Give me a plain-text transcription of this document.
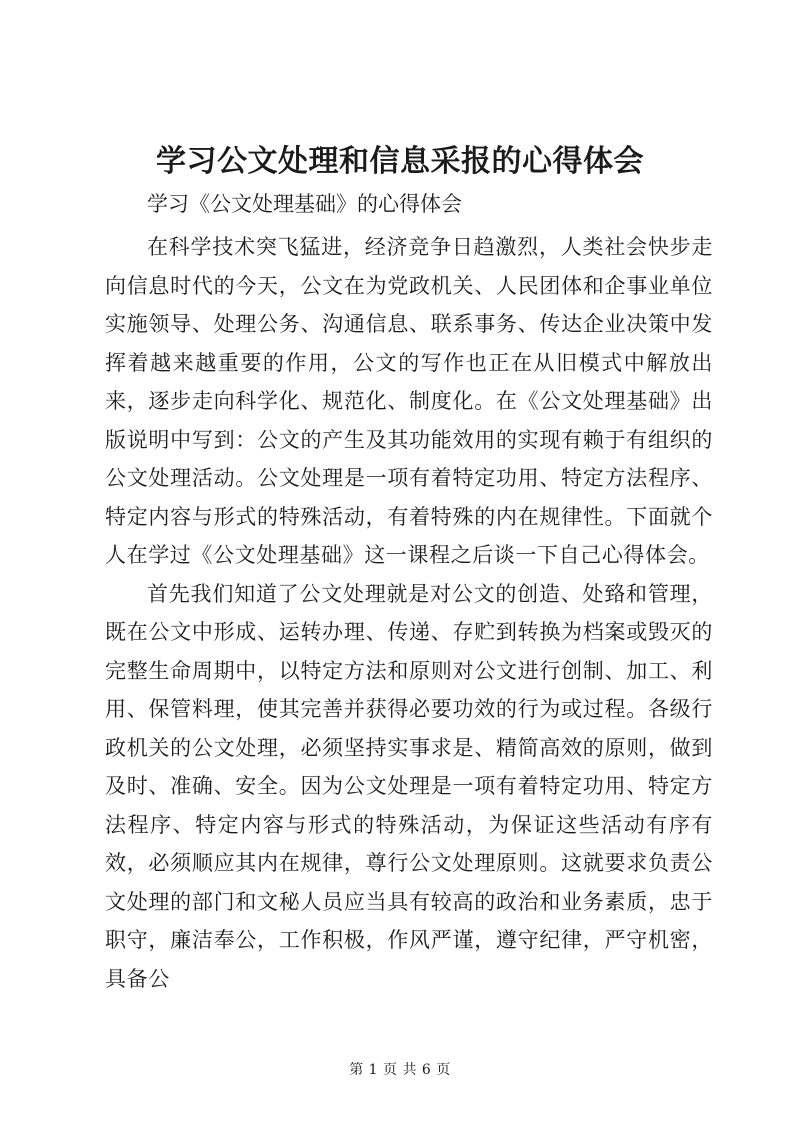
学习公文处理和信息采报的心得体会

学习《公文处理基础》的心得体会

在科学技术突飞猛进，经济竞争日趋激烈，人类社会快步走向信息时代的今天，公文在为党政机关、人民团体和企事业单位实施领导、处理公务、沟通信息、联系事务、传达企业决策中发挥着越来越重要的作用，公文的写作也正在从旧模式中解放出来，逐步走向科学化、规范化、制度化。在《公文处理基础》出版说明中写到：公文的产生及其功能效用的实现有赖于有组织的公文处理活动。公文处理是一项有着特定功用、特定方法程序、特定内容与形式的特殊活动，有着特殊的内在规律性。下面就个人在学过《公文处理基础》这一课程之后谈一下自己心得体会。

首先我们知道了公文处理就是对公文的创造、处臵和管理，既在公文中形成、运转办理、传递、存贮到转换为档案或毁灭的完整生命周期中，以特定方法和原则对公文进行创制、加工、利用、保管料理，使其完善并获得必要功效的行为或过程。各级行政机关的公文处理，必须坚持实事求是、精简高效的原则，做到及时、准确、安全。因为公文处理是一项有着特定功用、特定方法程序、特定内容与形式的特殊活动，为保证这些活动有序有效，必须顺应其内在规律，尊行公文处理原则。这就要求负责公文处理的部门和文秘人员应当具有较高的政治和业务素质，忠于职守，廉洁奉公，工作积极，作风严谨，遵守纪律，严守机密，具备公

第 1 页 共 6 页
